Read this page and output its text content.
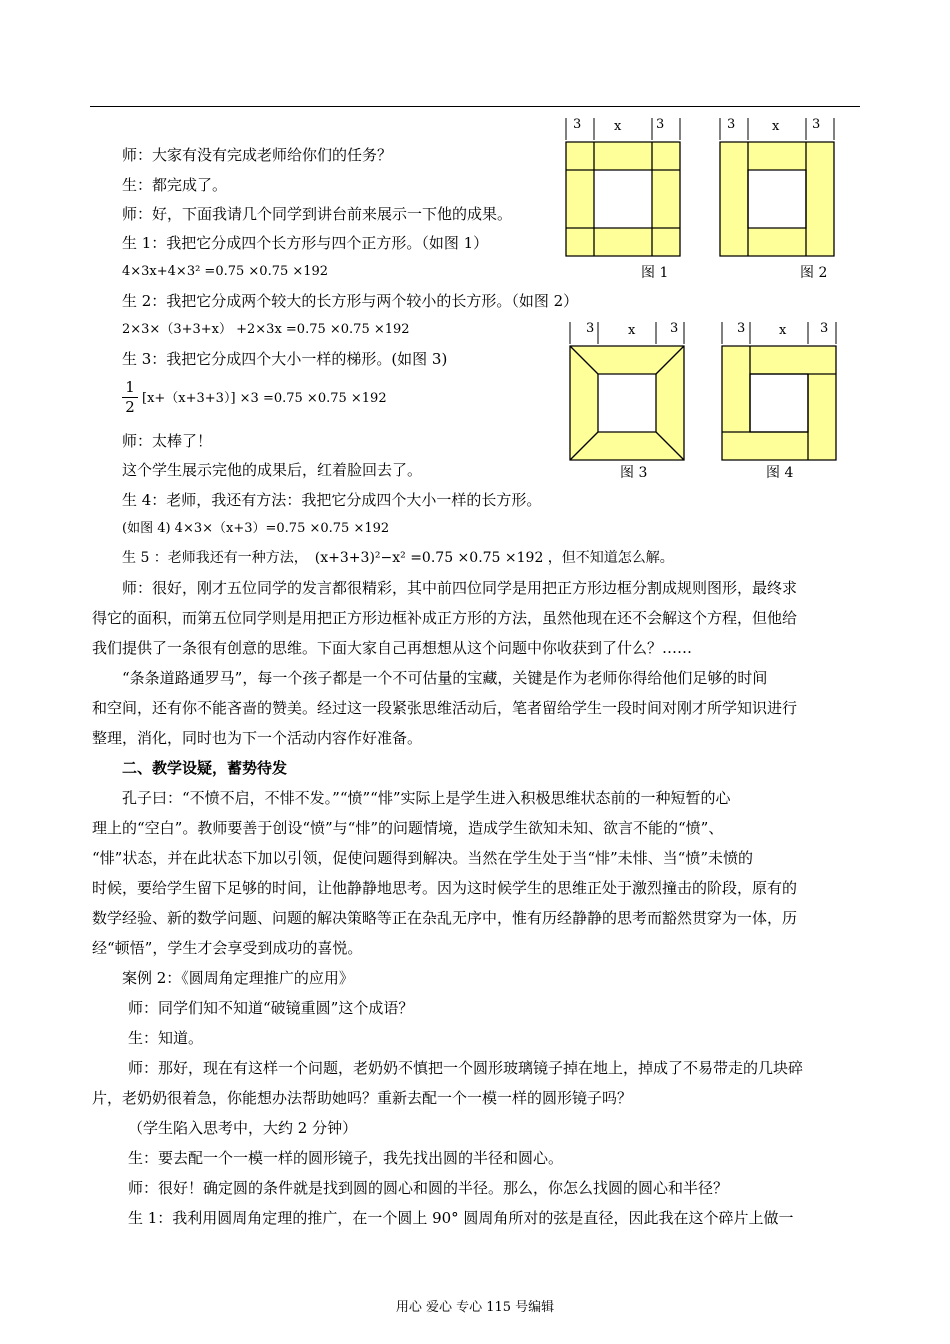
师：大家有没有完成老师给你们的任务？
生：都完成了。
师：好，下面我请几个同学到讲台前来展示一下他的成果。
生 1：我把它分成四个长方形与四个正方形。（如图 1）
4×3x+4×3² =0.75 ×0.75 ×192
生 2：我把它分成两个较大的长方形与两个较小的长方形。（如图 2）
2×3×（3+3+x） +2×3x =0.75 ×0.75 ×192
生 3：我把它分成四个大小一样的梯形。(如图 3)
$\frac{1}{2} [x+(x+3+3)] \times 3 =0.75 \times 0.75 \times 192$
师：太棒了！
这个学生展示完他的成果后，红着脸回去了。
生 4：老师，我还有方法：我把它分成四个大小一样的长方形。
(如图 4) 4×3×（x+3）=0.75 ×0.75 ×192
生 5 ：老师我还有一种方法，　(x+3+3)²−x² =0.75 ×0.75 ×192 ，但不知道怎么解。
师：很好，刚才五位同学的发言都很精彩，其中前四位同学是用把正方形边框分割成规则图形，最终求
得它的面积，而第五位同学则是用把正方形边框补成正方形的方法，虽然他现在还不会解这个方程，但他给
我们提供了一条很有创意的思维。下面大家自己再想想从这个问题中你收获到了什么？……
“条条道路通罗马”，每一个孩子都是一个不可估量的宝藏，关键是作为老师你得给他们足够的时间
和空间，还有你不能吝啬的赞美。经过这一段紧张思维活动后，笔者留给学生一段时间对刚才所学知识进行
整理，消化，同时也为下一个活动内容作好准备。
二、教学设疑，蓄势待发
孔子曰：“不愤不启，不悱不发。”“愤”“悱”实际上是学生进入积极思维状态前的一种短暂的心
理上的“空白”。教师要善于创设“愤”与“悱”的问题情境，造成学生欲知未知、欲言不能的“愤”、
“悱”状态，并在此状态下加以引领，促使问题得到解决。当然在学生处于当“悱”未悱、当“愤”未愤的
时候，要给学生留下足够的时间，让他静静地思考。因为这时候学生的思维正处于激烈撞击的阶段，原有的
数学经验、新的数学问题、问题的解决策略等正在杂乱无序中，惟有历经静静的思考而豁然贯穿为一体，历
经“顿悟”，学生才会享受到成功的喜悦。
案例 2：《圆周角定理推广的应用》
师：同学们知不知道“破镜重圆”这个成语？
生：知道。
师：那好，现在有这样一个问题，老奶奶不慎把一个圆形玻璃镜子掉在地上，掉成了不易带走的几块碎
片，老奶奶很着急，你能想办法帮助她吗？重新去配一个一模一样的圆形镜子吗？
（学生陷入思考中，大约 2 分钟）
生：要去配一个一模一样的圆形镜子，我先找出圆的半径和圆心。
师：很好！确定圆的条件就是找到圆的圆心和圆的半径。那么，你怎么找圆的圆心和半径？
生 1：我利用圆周角定理的推广，在一个圆上 90° 圆周角所对的弦是直径，因此我在这个碎片上做一
3	x	3
图 1
3	x	3
图 2
3	x	3
图 3
3	x	3
图 4
用心 爱心 专心 115 号编辑
